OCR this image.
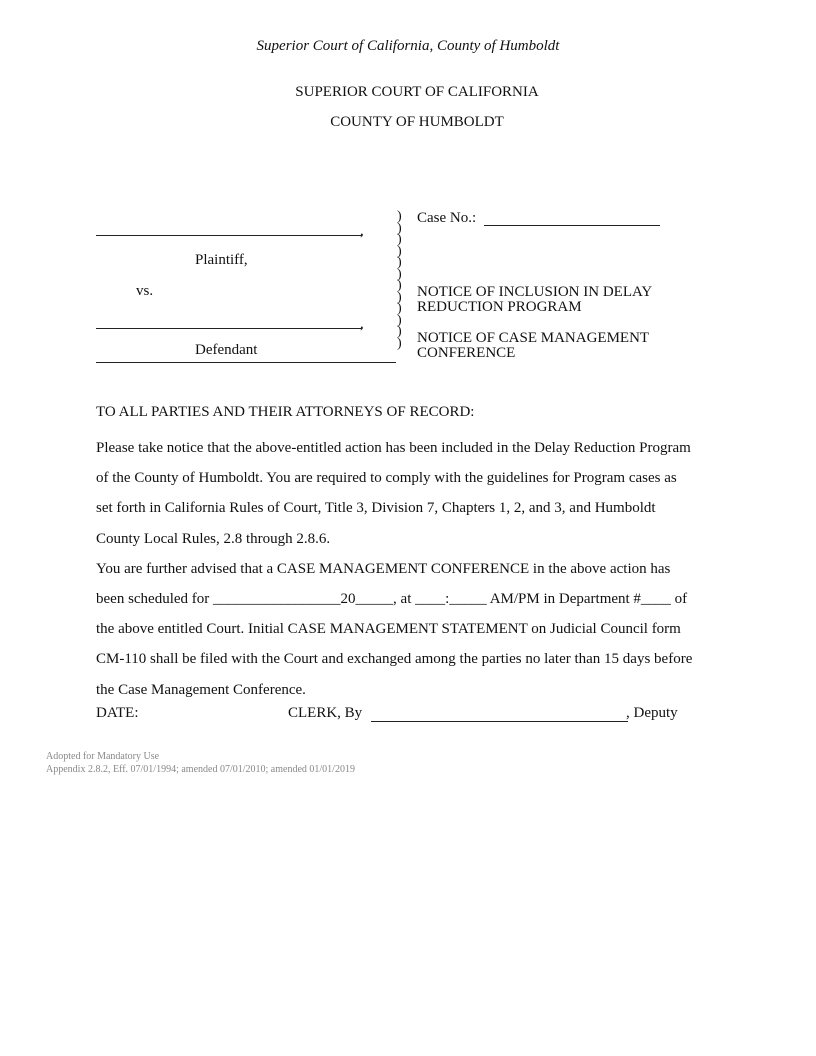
Superior Court of California, County of Humboldt
SUPERIOR COURT OF CALIFORNIA
COUNTY OF HUMBOLDT
,
Plaintiff,
vs.
,
Defendant
)
)
)
)
)
)
)
)
)
)
)
)
Case No.:
NOTICE OF INCLUSION IN DELAY
REDUCTION PROGRAM
NOTICE OF CASE MANAGEMENT
CONFERENCE
TO ALL PARTIES AND THEIR ATTORNEYS OF RECORD:

Please take notice that the above-entitled action has been included in the Delay Reduction Program

of the County of Humboldt. You are required to comply with the guidelines for Program cases as

set forth in California Rules of Court, Title 3, Division 7, Chapters 1, 2, and 3, and Humboldt

County Local Rules, 2.8 through 2.8.6.

You are further advised that a CASE MANAGEMENT CONFERENCE in the above action has

been scheduled for _________________20_____, at ____:_____ AM/PM in Department #____ of

the above entitled Court. Initial CASE MANAGEMENT STATEMENT on Judicial Council form

CM-110 shall be filed with the Court and exchanged among the parties no later than 15 days before

the Case Management Conference.

DATE:	CLERK, By	, Deputy
Adopted for Mandatory Use
Appendix 2.8.2, Eff. 07/01/1994; amended 07/01/2010; amended 01/01/2019
